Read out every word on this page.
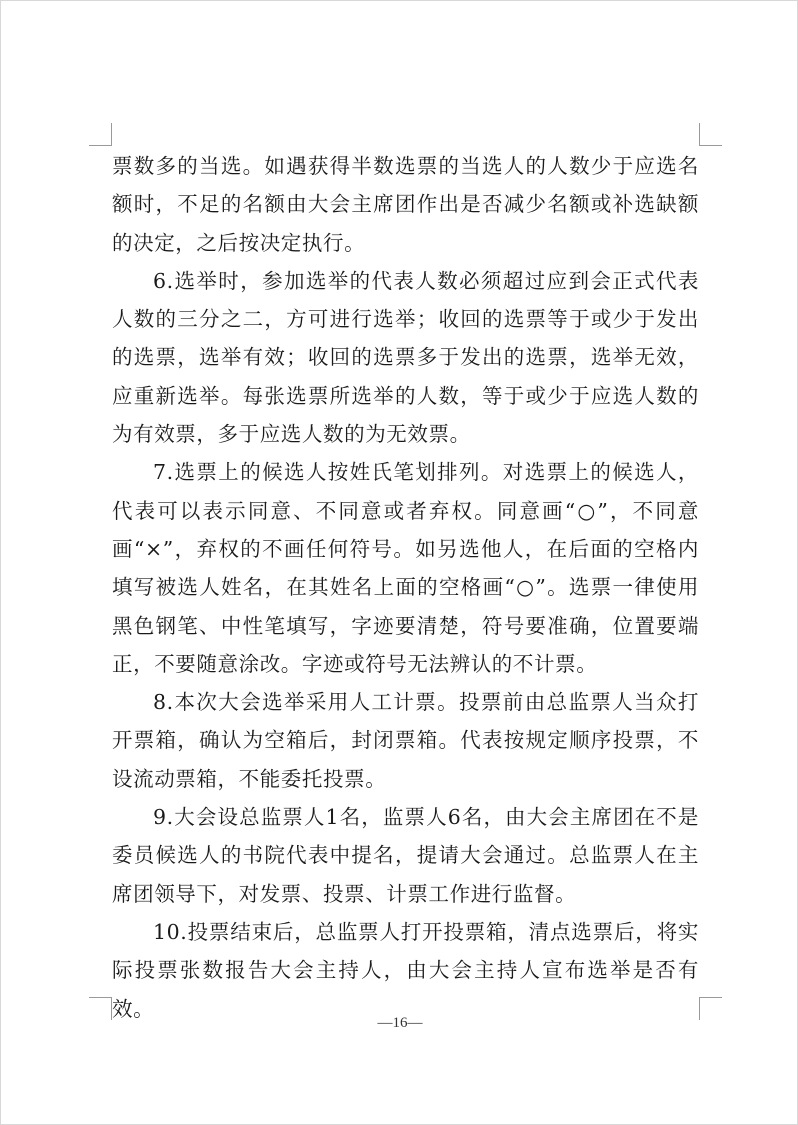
票数多的当选。如遇获得半数选票的当选人的人数少于应选名额时，不足的名额由大会主席团作出是否减少名额或补选缺额的决定，之后按决定执行。

6.选举时，参加选举的代表人数必须超过应到会正式代表人数的三分之二，方可进行选举；收回的选票等于或少于发出的选票，选举有效；收回的选票多于发出的选票，选举无效，应重新选举。每张选票所选举的人数，等于或少于应选人数的为有效票，多于应选人数的为无效票。

7.选票上的候选人按姓氏笔划排列。对选票上的候选人，代表可以表示同意、不同意或者弃权。同意画“○”，不同意画“×”，弃权的不画任何符号。如另选他人，在后面的空格内填写被选人姓名，在其姓名上面的空格画“○”。选票一律使用黑色钢笔、中性笔填写，字迹要清楚，符号要准确，位置要端正，不要随意涂改。字迹或符号无法辨认的不计票。

8.本次大会选举采用人工计票。投票前由总监票人当众打开票箱，确认为空箱后，封闭票箱。代表按规定顺序投票，不设流动票箱，不能委托投票。

9.大会设总监票人1名，监票人6名，由大会主席团在不是委员候选人的书院代表中提名，提请大会通过。总监票人在主席团领导下，对发票、投票、计票工作进行监督。

10.投票结束后，总监票人打开投票箱，清点选票后，将实际投票张数报告大会主持人，由大会主持人宣布选举是否有效。

—16—
